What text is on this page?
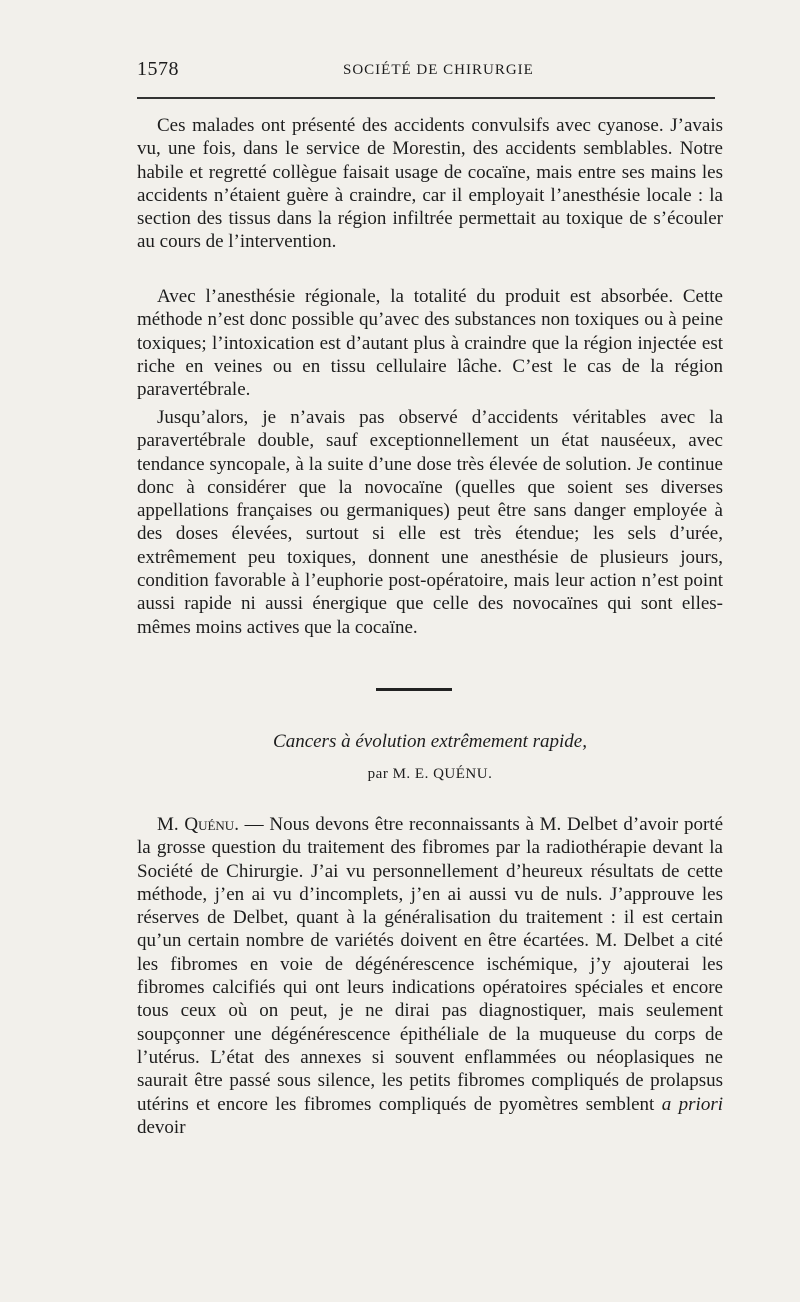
1578	SOCIÉTÉ DE CHIRURGIE

Ces malades ont présenté des accidents convulsifs avec cyanose. J’avais vu, une fois, dans le service de Morestin, des accidents semblables. Notre habile et regretté collègue faisait usage de cocaïne, mais entre ses mains les accidents n’étaient guère à craindre, car il employait l’anesthésie locale : la section des tissus dans la région infiltrée permettait au toxique de s’écouler au cours de l’intervention.

Avec l’anesthésie régionale, la totalité du produit est absorbée. Cette méthode n’est donc possible qu’avec des substances non toxiques ou à peine toxiques; l’intoxication est d’autant plus à craindre que la région injectée est riche en veines ou en tissu cellulaire lâche. C’est le cas de la région paravertébrale.

Jusqu’alors, je n’avais pas observé d’accidents véritables avec la paravertébrale double, sauf exceptionnellement un état nauséeux, avec tendance syncopale, à la suite d’une dose très élevée de solution. Je continue donc à considérer que la novocaïne (quelles que soient ses diverses appellations françaises ou germaniques) peut être sans danger employée à des doses élevées, surtout si elle est très étendue; les sels d’urée, extrêmement peu toxiques, donnent une anesthésie de plusieurs jours, condition favorable à l’euphorie post-opératoire, mais leur action n’est point aussi rapide ni aussi énergique que celle des novocaïnes qui sont elles-mêmes moins actives que la cocaïne.

Cancers à évolution extrêmement rapide,
par M. E. QUÉNU.

M. Quénu. — Nous devons être reconnaissants à M. Delbet d’avoir porté la grosse question du traitement des fibromes par la radiothérapie devant la Société de Chirurgie. J’ai vu personnellement d’heureux résultats de cette méthode, j’en ai vu d’incomplets, j’en ai aussi vu de nuls. J’approuve les réserves de Delbet, quant à la généralisation du traitement : il est certain qu’un certain nombre de variétés doivent en être écartées. M. Delbet a cité les fibromes en voie de dégénérescence ischémique, j’y ajouterai les fibromes calcifiés qui ont leurs indications opératoires spéciales et encore tous ceux où on peut, je ne dirai pas diagnostiquer, mais seulement soupçonner une dégénérescence épithéliale de la muqueuse du corps de l’utérus. L’état des annexes si souvent enflammées ou néoplasiques ne saurait être passé sous silence, les petits fibromes compliqués de prolapsus utérins et encore les fibromes compliqués de pyomètres semblent a priori devoir
